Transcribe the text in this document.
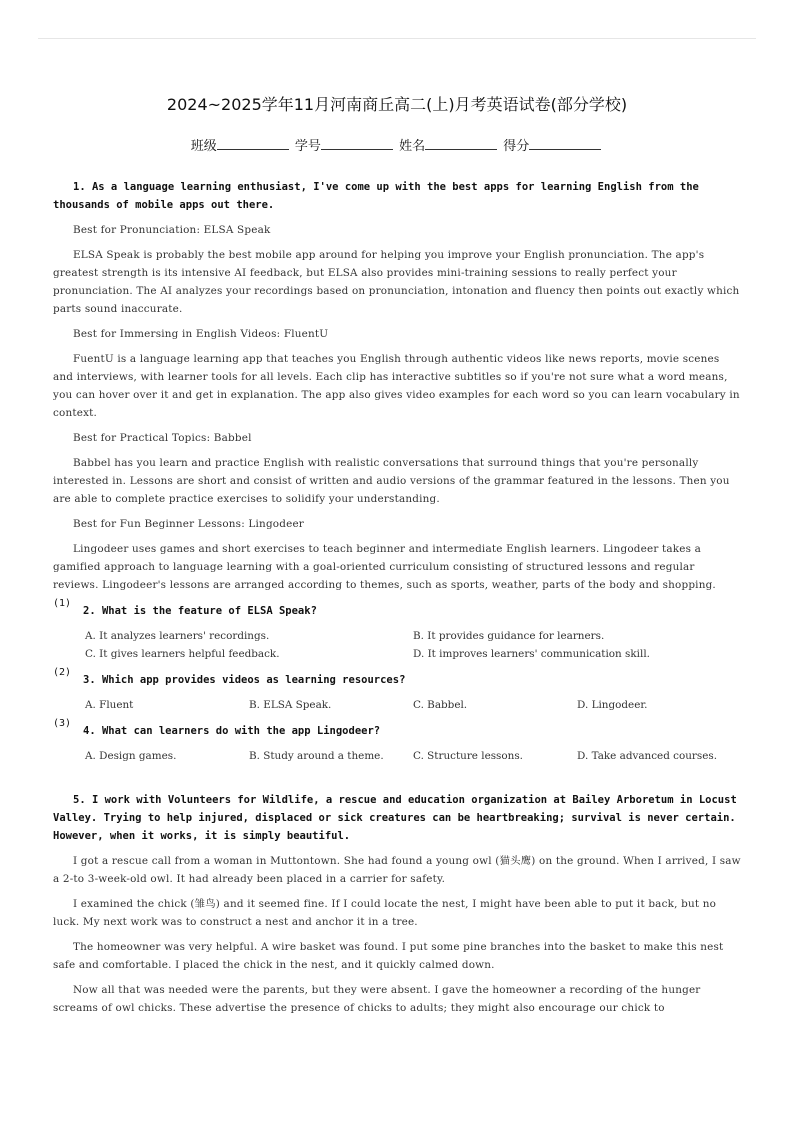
2024~2025学年11月河南商丘高二(上)月考英语试卷(部分学校)
班级	学号	姓名	得分

1. As a language learning enthusiast, I've come up with the best apps for learning English from the thousands of mobile apps out there.

Best for Pronunciation: ELSA Speak

ELSA Speak is probably the best mobile app around for helping you improve your English pronunciation. The app's greatest strength is its intensive AI feedback, but ELSA also provides mini-training sessions to really perfect your pronunciation. The AI analyzes your recordings based on pronunciation, intonation and fluency then points out exactly which parts sound inaccurate.

Best for Immersing in English Videos: FluentU

FuentU is a language learning app that teaches you English through authentic videos like news reports, movie scenes and interviews, with learner tools for all levels. Each clip has interactive subtitles so if you're not sure what a word means, you can hover over it and get in explanation. The app also gives video examples for each word so you can learn vocabulary in context.

Best for Practical Topics: Babbel

Babbel has you learn and practice English with realistic conversations that surround things that you're personally interested in. Lessons are short and consist of written and audio versions of the grammar featured in the lessons. Then you are able to complete practice exercises to solidify your understanding.

Best for Fun Beginner Lessons: Lingodeer

Lingodeer uses games and short exercises to teach beginner and intermediate English learners. Lingodeer takes a gamified approach to language learning with a goal-oriented curriculum consisting of structured lessons and regular reviews. Lingodeer's lessons are arranged according to themes, such as sports, weather, parts of the body and shopping.

(1)

2. What is the feature of ELSA Speak?

A. It analyzes learners' recordings.	B. It provides guidance for learners.
C. It gives learners helpful feedback.	D. It improves learners' communication skill.
(2)

3. Which app provides videos as learning resources?

A. Fluent	B. ELSA Speak.	C. Babbel.	D. Lingodeer.
(3)

4. What can learners do with the app Lingodeer?

A. Design games.	B. Study around a theme.	C. Structure lessons.	D. Take advanced courses.

5. I work with Volunteers for Wildlife, a rescue and education organization at Bailey Arboretum in Locust Valley. Trying to help injured, displaced or sick creatures can be heartbreaking; survival is never certain. However, when it works, it is simply beautiful.

I got a rescue call from a woman in Muttontown. She had found a young owl (猫头鹰) on the ground. When I arrived, I saw a 2-to 3-week-old owl. It had already been placed in a carrier for safety.

I examined the chick (雏鸟) and it seemed fine. If I could locate the nest, I might have been able to put it back, but no luck. My next work was to construct a nest and anchor it in a tree.

The homeowner was very helpful. A wire basket was found. I put some pine branches into the basket to make this nest safe and comfortable. I placed the chick in the nest, and it quickly calmed down.

Now all that was needed were the parents, but they were absent. I gave the homeowner a recording of the hunger screams of owl chicks. These advertise the presence of chicks to adults; they might also encourage our chick to
